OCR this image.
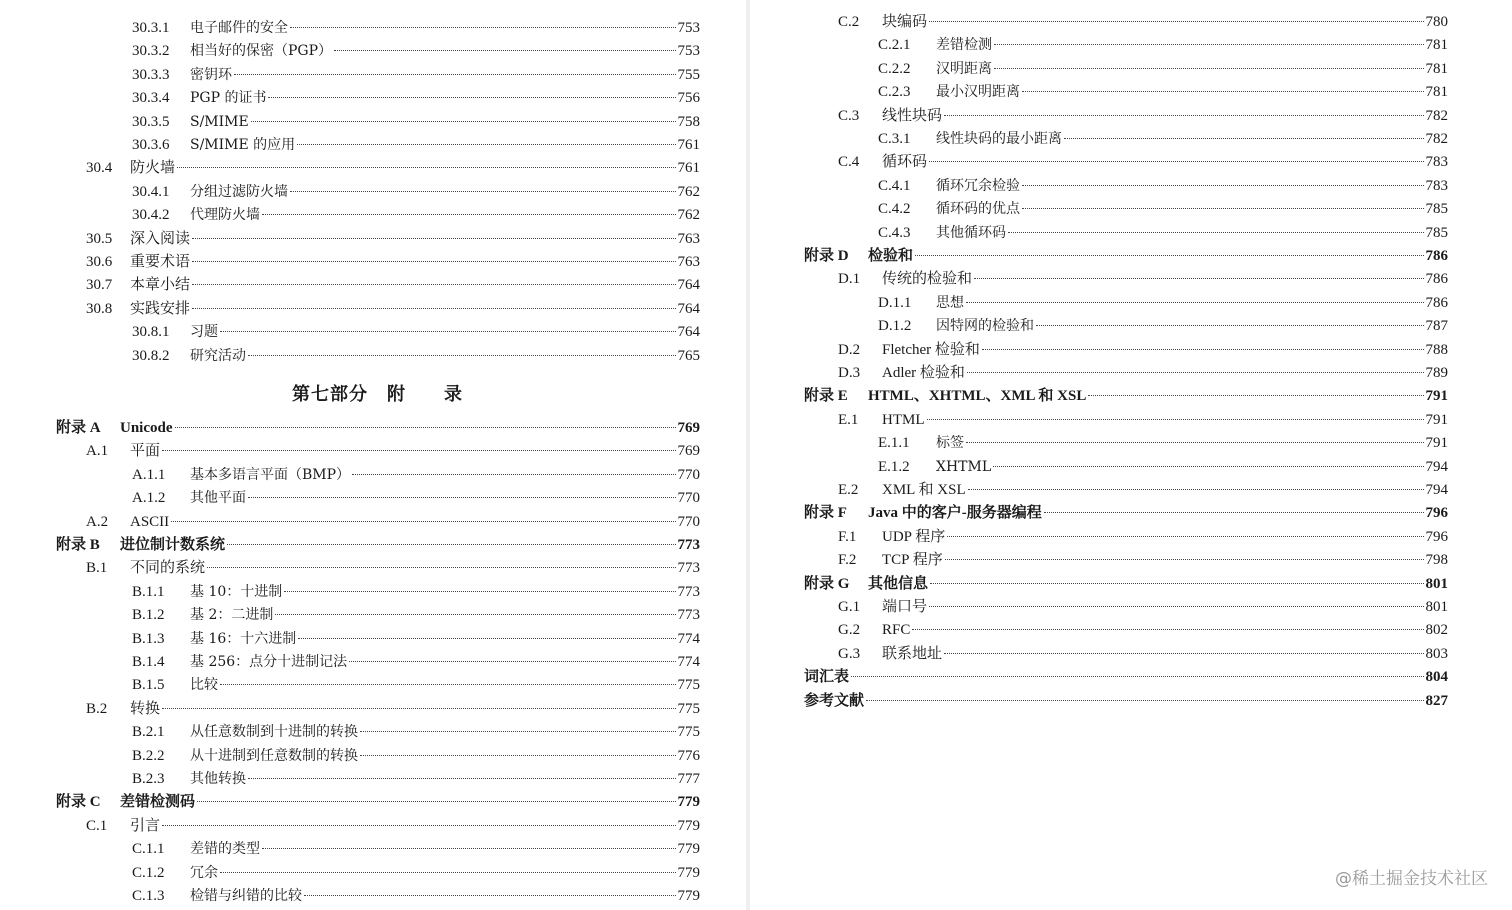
30.3.1	电子邮件的安全	753
30.3.2	相当好的保密（PGP）	753
30.3.3	密钥环	755
30.3.4	PGP 的证书	756
30.3.5	S/MIME	758
30.3.6	S/MIME 的应用	761
30.4	防火墙	761
30.4.1	分组过滤防火墙	762
30.4.2	代理防火墙	762
30.5	深入阅读	763
30.6	重要术语	763
30.7	本章小结	764
30.8	实践安排	764
30.8.1	习题	764
30.8.2	研究活动	765
附录 A	Unicode	769
A.1	平面	769
A.1.1	基本多语言平面（BMP）	770
A.1.2	其他平面	770
A.2	ASCII	770
附录 B	进位制计数系统	773
B.1	不同的系统	773
B.1.1	基 10：十进制	773
B.1.2	基 2：二进制	773
B.1.3	基 16：十六进制	774
B.1.4	基 256：点分十进制记法	774
B.1.5	比较	775
B.2	转换	775
B.2.1	从任意数制到十进制的转换	775
B.2.2	从十进制到任意数制的转换	776
B.2.3	其他转换	777
附录 C	差错检测码	779
C.1	引言	779
C.1.1	差错的类型	779
C.1.2	冗余	779
C.1.3	检错与纠错的比较	779
第七部分　附　　录
C.2	块编码	780
C.2.1	差错检测	781
C.2.2	汉明距离	781
C.2.3	最小汉明距离	781
C.3	线性块码	782
C.3.1	线性块码的最小距离	782
C.4	循环码	783
C.4.1	循环冗余检验	783
C.4.2	循环码的优点	785
C.4.3	其他循环码	785
附录 D	检验和	786
D.1	传统的检验和	786
D.1.1	思想	786
D.1.2	因特网的检验和	787
D.2	Fletcher 检验和	788
D.3	Adler 检验和	789
附录 E	HTML、XHTML、XML 和 XSL	791
E.1	HTML	791
E.1.1	标签	791
E.1.2	XHTML	794
E.2	XML 和 XSL	794
附录 F	Java 中的客户-服务器编程	796
F.1	UDP 程序	796
F.2	TCP 程序	798
附录 G	其他信息	801
G.1	端口号	801
G.2	RFC	802
G.3	联系地址	803
词汇表	804
参考文献	827
@稀土掘金技术社区
